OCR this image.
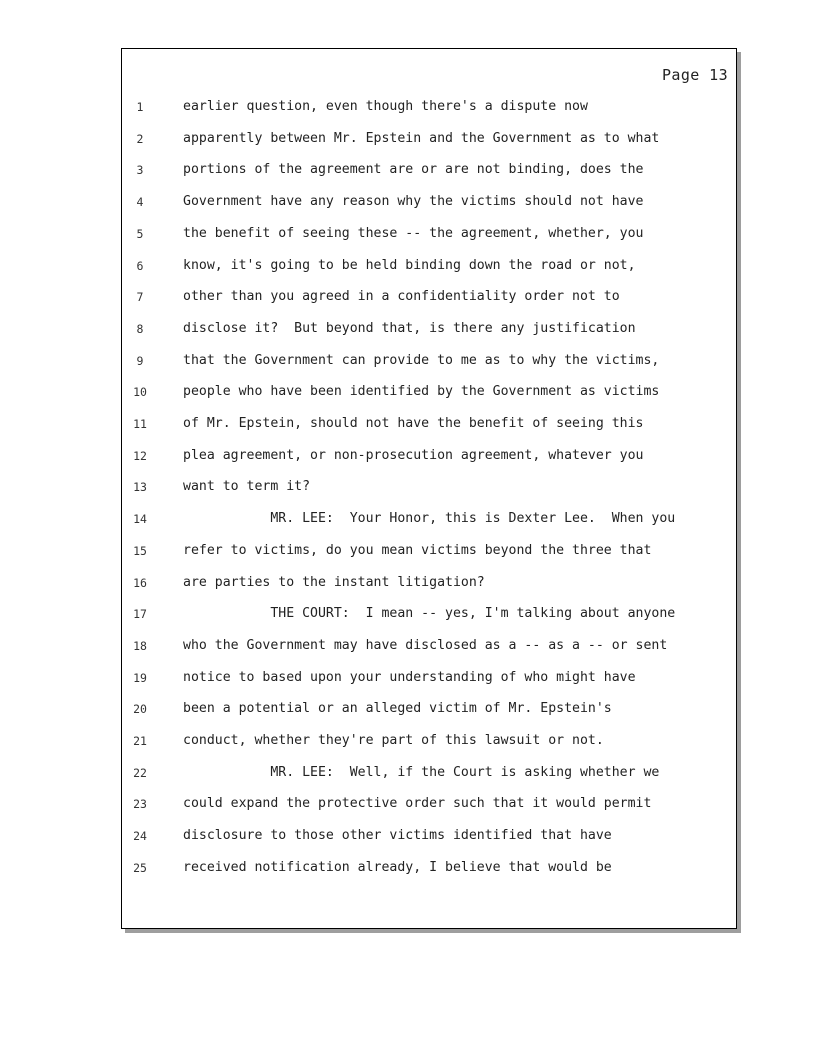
Page 13
1	earlier question, even though there's a dispute now
2	apparently between Mr. Epstein and the Government as to what
3	portions of the agreement are or are not binding, does the
4	Government have any reason why the victims should not have
5	the benefit of seeing these -- the agreement, whether, you
6	know, it's going to be held binding down the road or not,
7	other than you agreed in a confidentiality order not to
8	disclose it?  But beyond that, is there any justification
9	that the Government can provide to me as to why the victims,
10	people who have been identified by the Government as victims
11	of Mr. Epstein, should not have the benefit of seeing this
12	plea agreement, or non-prosecution agreement, whatever you
13	want to term it?
14	MR. LEE:  Your Honor, this is Dexter Lee.  When you
15	refer to victims, do you mean victims beyond the three that
16	are parties to the instant litigation?
17	THE COURT:  I mean -- yes, I'm talking about anyone
18	who the Government may have disclosed as a -- as a -- or sent
19	notice to based upon your understanding of who might have
20	been a potential or an alleged victim of Mr. Epstein's
21	conduct, whether they're part of this lawsuit or not.
22	MR. LEE:  Well, if the Court is asking whether we
23	could expand the protective order such that it would permit
24	disclosure to those other victims identified that have
25	received notification already, I believe that would be
